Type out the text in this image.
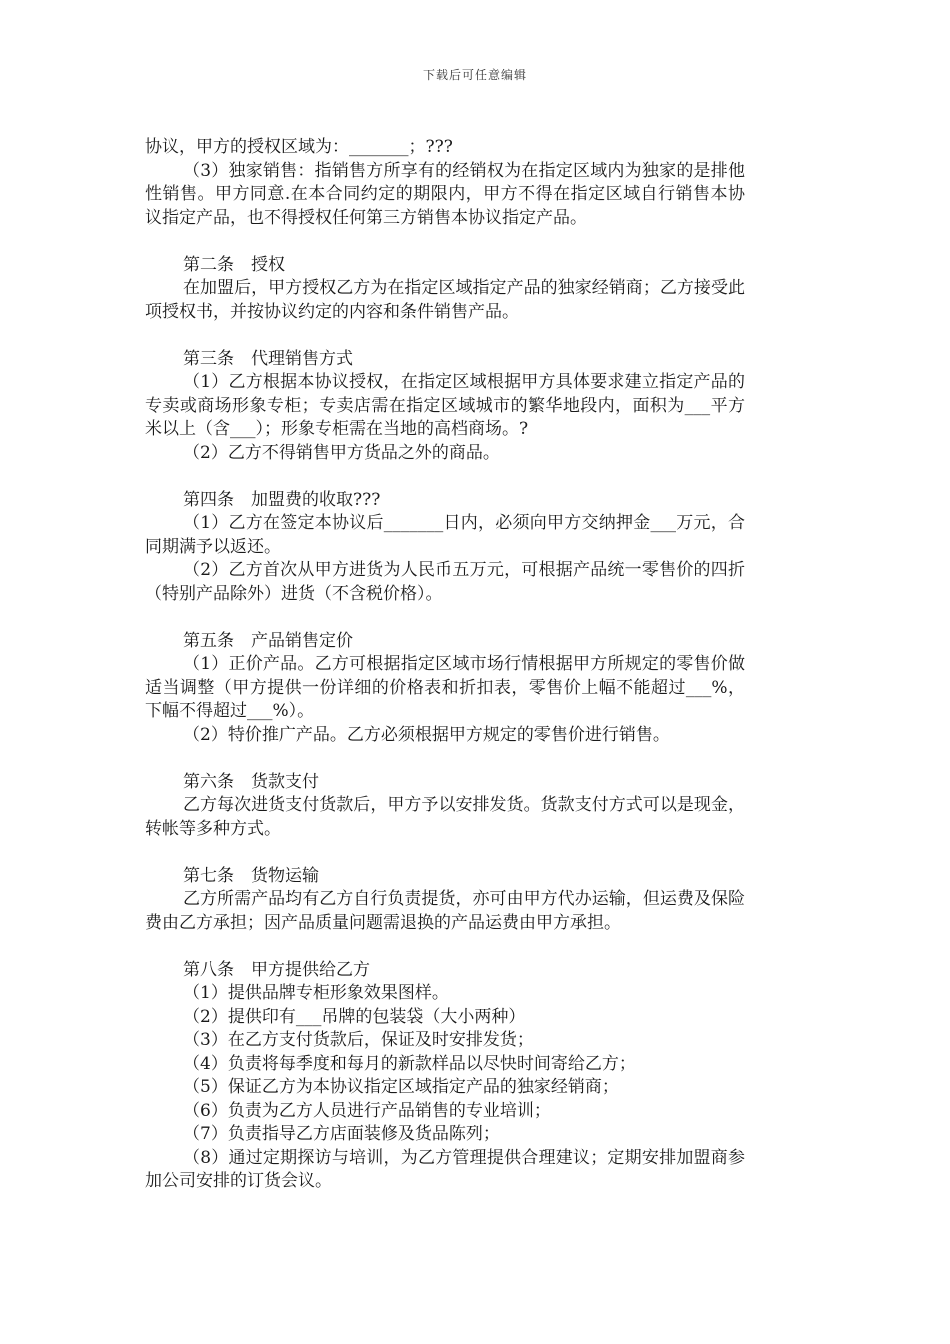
下载后可任意编辑

协议，甲方的授权区域为：_______；???

（3）独家销售：指销售方所享有的经销权为在指定区域内为独家的是排他性销售。甲方同意.在本合同约定的期限内，甲方不得在指定区域自行销售本协议指定产品，也不得授权任何第三方销售本协议指定产品。

第二条　授权

在加盟后，甲方授权乙方为在指定区域指定产品的独家经销商；乙方接受此项授权书，并按协议约定的内容和条件销售产品。

第三条　代理销售方式

（1）乙方根据本协议授权，在指定区域根据甲方具体要求建立指定产品的专卖或商场形象专柜；专卖店需在指定区域城市的繁华地段内，面积为___平方米以上（含___）；形象专柜需在当地的高档商场。?

（2）乙方不得销售甲方货品之外的商品。

第四条　加盟费的收取???

（1）乙方在签定本协议后_______日内，必须向甲方交纳押金___万元，合同期满予以返还。

（2）乙方首次从甲方进货为人民币五万元，可根据产品统一零售价的四折（特别产品除外）进货（不含税价格）。

第五条　产品销售定价

（1）正价产品。乙方可根据指定区域市场行情根据甲方所规定的零售价做适当调整（甲方提供一份详细的价格表和折扣表，零售价上幅不能超过___%，下幅不得超过___%）。

（2）特价推广产品。乙方必须根据甲方规定的零售价进行销售。

第六条　货款支付

乙方每次进货支付货款后，甲方予以安排发货。货款支付方式可以是现金，转帐等多种方式。

第七条　货物运输

乙方所需产品均有乙方自行负责提货，亦可由甲方代办运输，但运费及保险费由乙方承担；因产品质量问题需退换的产品运费由甲方承担。

第八条　甲方提供给乙方

（1）提供品牌专柜形象效果图样。

（2）提供印有___吊牌的包装袋（大小两种）

（3）在乙方支付货款后，保证及时安排发货；

（4）负责将每季度和每月的新款样品以尽快时间寄给乙方；

（5）保证乙方为本协议指定区域指定产品的独家经销商；

（6）负责为乙方人员进行产品销售的专业培训；

（7）负责指导乙方店面装修及货品陈列；

（8）通过定期探访与培训，为乙方管理提供合理建议；定期安排加盟商参加公司安排的订货会议。
